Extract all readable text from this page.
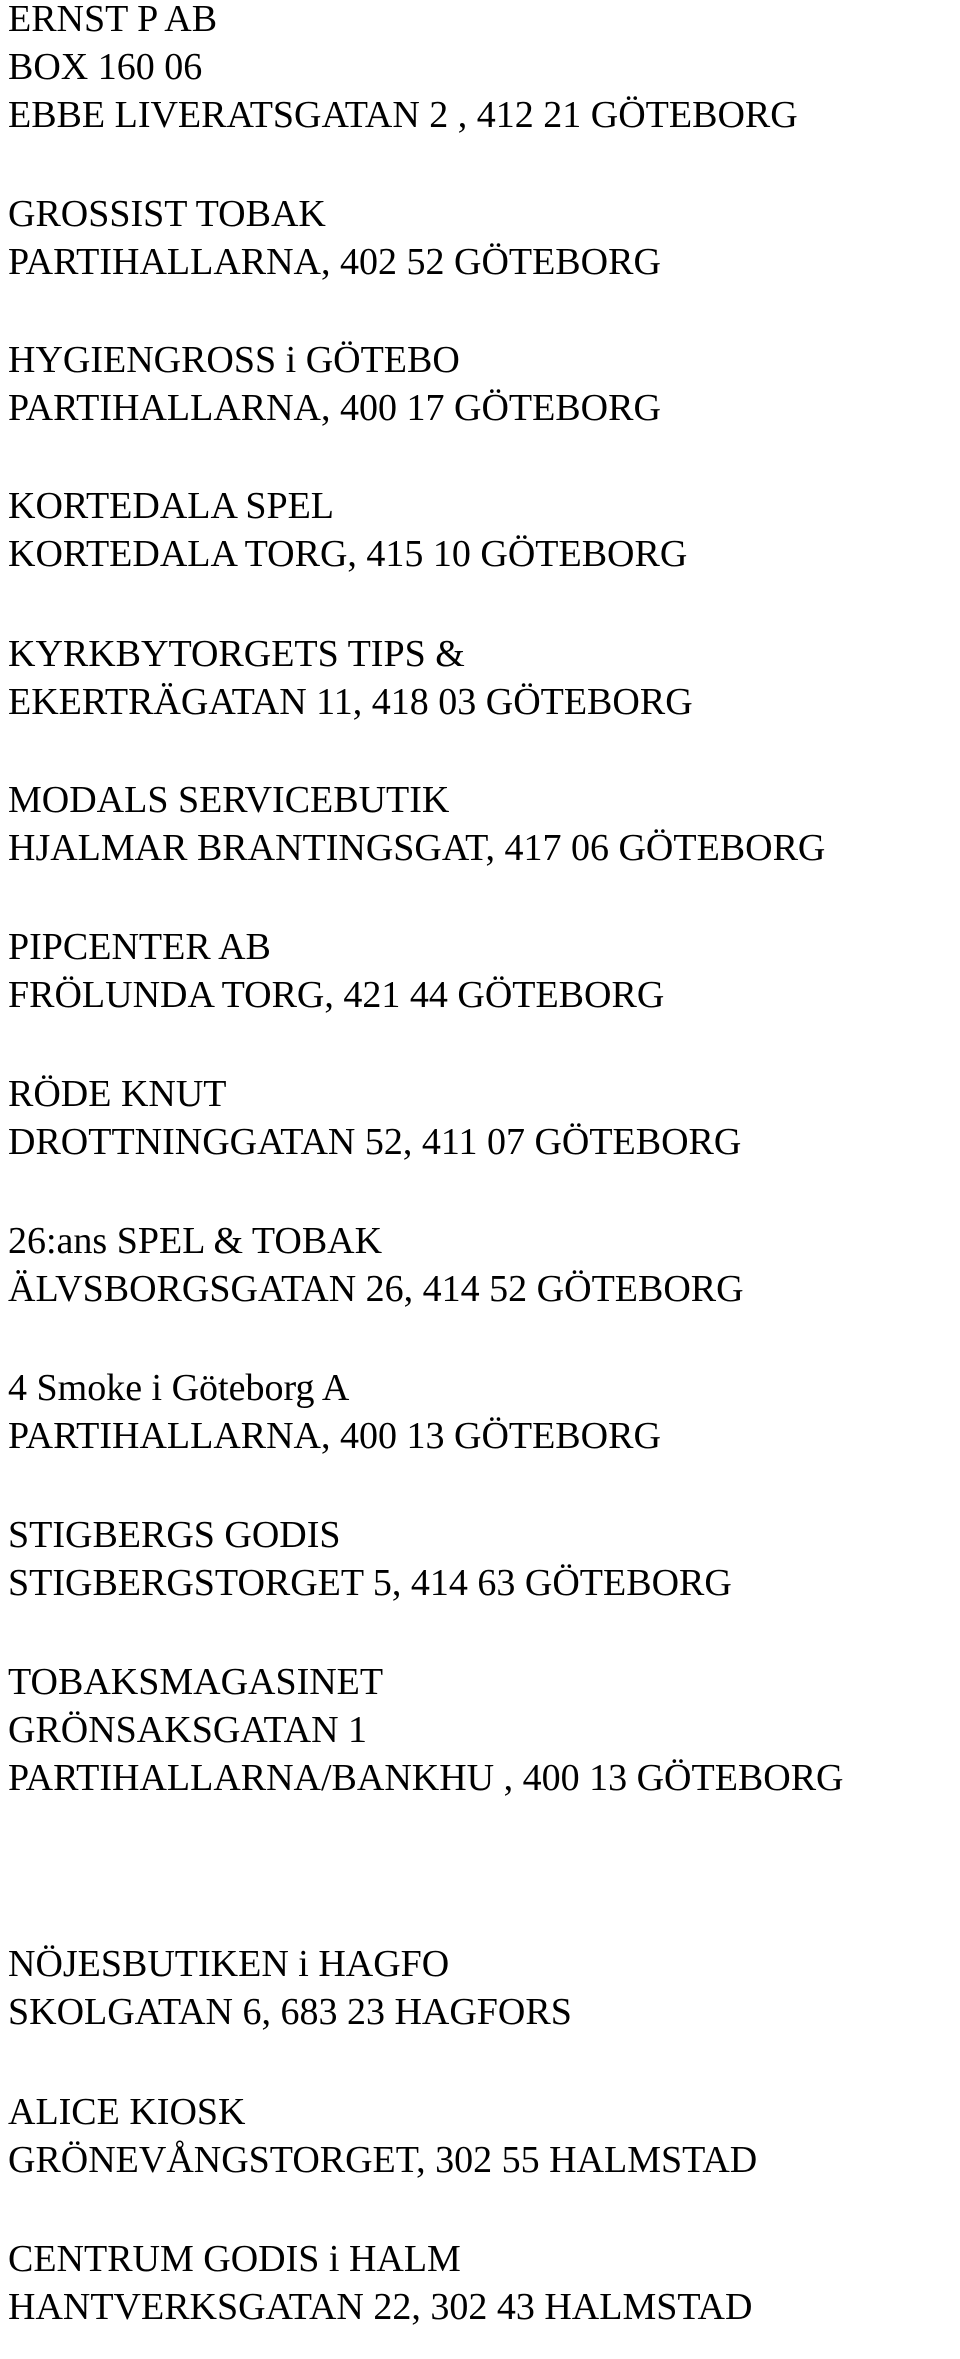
ERNST P AB
BOX 160 06
EBBE LIVERATSGATAN 2 , 412 21 GÖTEBORG
GROSSIST TOBAK
PARTIHALLARNA, 402 52 GÖTEBORG
HYGIENGROSS i GÖTEBO
PARTIHALLARNA, 400 17 GÖTEBORG
KORTEDALA SPEL
KORTEDALA TORG, 415 10 GÖTEBORG
KYRKBYTORGETS TIPS &
EKERTRÄGATAN 11, 418 03 GÖTEBORG
MODALS SERVICEBUTIK
HJALMAR BRANTINGSGAT, 417 06 GÖTEBORG
PIPCENTER AB
FRÖLUNDA TORG, 421 44 GÖTEBORG
RÖDE KNUT
DROTTNINGGATAN 52, 411 07 GÖTEBORG
26:ans SPEL & TOBAK
ÄLVSBORGSGATAN 26, 414 52 GÖTEBORG
4 Smoke i Göteborg A
PARTIHALLARNA, 400 13 GÖTEBORG
STIGBERGS GODIS
STIGBERGSTORGET 5, 414 63 GÖTEBORG
TOBAKSMAGASINET
GRÖNSAKSGATAN 1
PARTIHALLARNA/BANKHU , 400 13 GÖTEBORG
NÖJESBUTIKEN i HAGFO
SKOLGATAN 6, 683 23 HAGFORS
ALICE KIOSK
GRÖNEVÅNGSTORGET, 302 55 HALMSTAD
CENTRUM GODIS i HALM
HANTVERKSGATAN 22, 302 43 HALMSTAD
